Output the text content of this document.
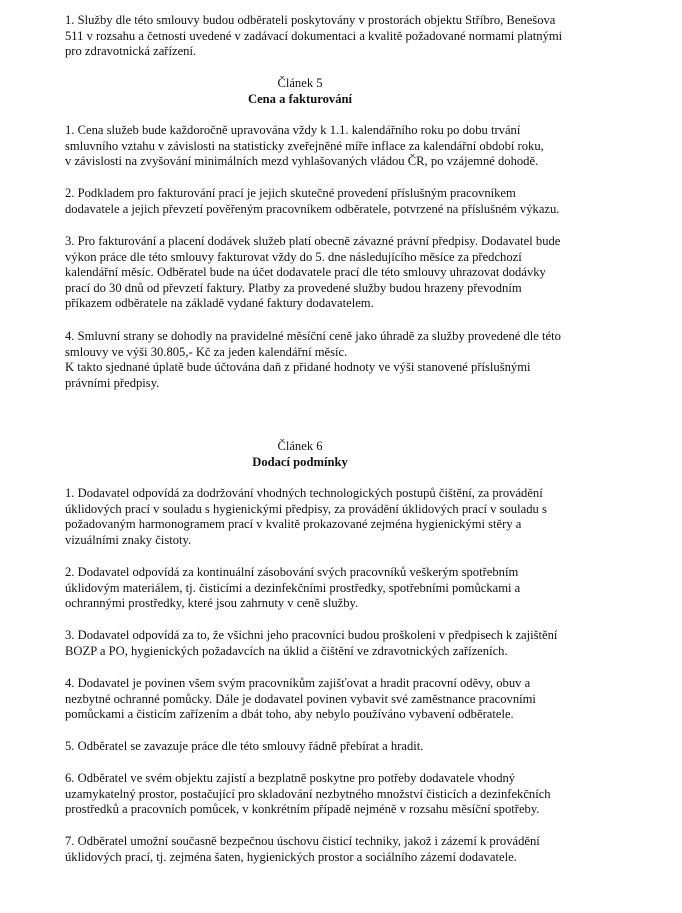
1. Služby dle této smlouvy budou odběrateli poskytovány v prostorách objektu Stříbro, Benešova
511 v rozsahu a četnosti uvedené v zadávací dokumentaci a kvalitě požadované normami platnými
pro zdravotnická zařízení.

Článek 5
Cena a fakturování

1. Cena služeb bude každoročně upravována vždy k 1.1. kalendářního roku po dobu trvání
smluvního vztahu v závislosti na statisticky zveřejněné míře inflace za kalendářní období roku,
v závislosti na zvyšování minimálních mezd vyhlašovaných vládou ČR, po vzájemné dohodě.

2. Podkladem pro fakturování prací je jejich skutečné provedení příslušným pracovníkem
dodavatele a jejich převzetí pověřeným pracovníkem odběratele, potvrzené na příslušném výkazu.

3. Pro fakturování a placení dodávek služeb platí obecně závazné právní předpisy. Dodavatel bude
výkon práce dle této smlouvy fakturovat vždy do 5. dne následujícího měsíce za předchozí
kalendářní měsíc. Odběratel bude na účet dodavatele prací dle této smlouvy uhrazovat dodávky
prací do 30 dnů od převzetí faktury. Platby za provedené služby budou hrazeny převodním
příkazem odběratele na základě vydané faktury dodavatelem.

4. Smluvní strany se dohodly na pravidelné měsíční ceně jako úhradě za služby provedené dle této
smlouvy ve výši 30.805,- Kč za jeden kalendářní měsíc.
K takto sjednané úplatě bude účtována daň z přidané hodnoty ve výši stanovené příslušnými
právními předpisy.

Článek 6
Dodací podmínky

1. Dodavatel odpovídá za dodržování vhodných technologických postupů čištění, za provádění
úklidových prací v souladu s hygienickými předpisy, za provádění úklidových prací v souladu s
požadovaným harmonogramem prací v kvalitě prokazované zejména hygienickými stěry a
vizuálními znaky čistoty.

2. Dodavatel odpovídá za kontinuální zásobování svých pracovníků veškerým spotřebním
úklidovým materiálem, tj. čisticími a dezinfekčními prostředky, spotřebními pomůckami a
ochrannými prostředky, které jsou zahrnuty v ceně služby.

3. Dodavatel odpovídá za to, že všichni jeho pracovníci budou proškoleni v předpisech k zajištění
BOZP a PO, hygienických požadavcích na úklid a čištění ve zdravotnických zařízeních.

4. Dodavatel je povinen všem svým pracovníkům zajišťovat a hradit pracovní oděvy, obuv a
nezbytné ochranné pomůcky. Dále je dodavatel povinen vybavit své zaměstnance pracovními
pomůckami a čisticím zařízením a dbát toho, aby nebylo používáno vybavení odběratele.

5. Odběratel se zavazuje práce dle této smlouvy řádně přebírat a hradit.

6. Odběratel ve svém objektu zajistí a bezplatně poskytne pro potřeby dodavatele vhodný
uzamykatelný prostor, postačující pro skladování nezbytného množství čisticích a dezinfekčních
prostředků a pracovních pomůcek, v konkrétním případě nejméně v rozsahu měsíční spotřeby.

7. Odběratel umožní současně bezpečnou úschovu čisticí techniky, jakož i zázemí k provádění
úklidových prací, tj. zejména šaten, hygienických prostor a sociálního zázemí dodavatele.
